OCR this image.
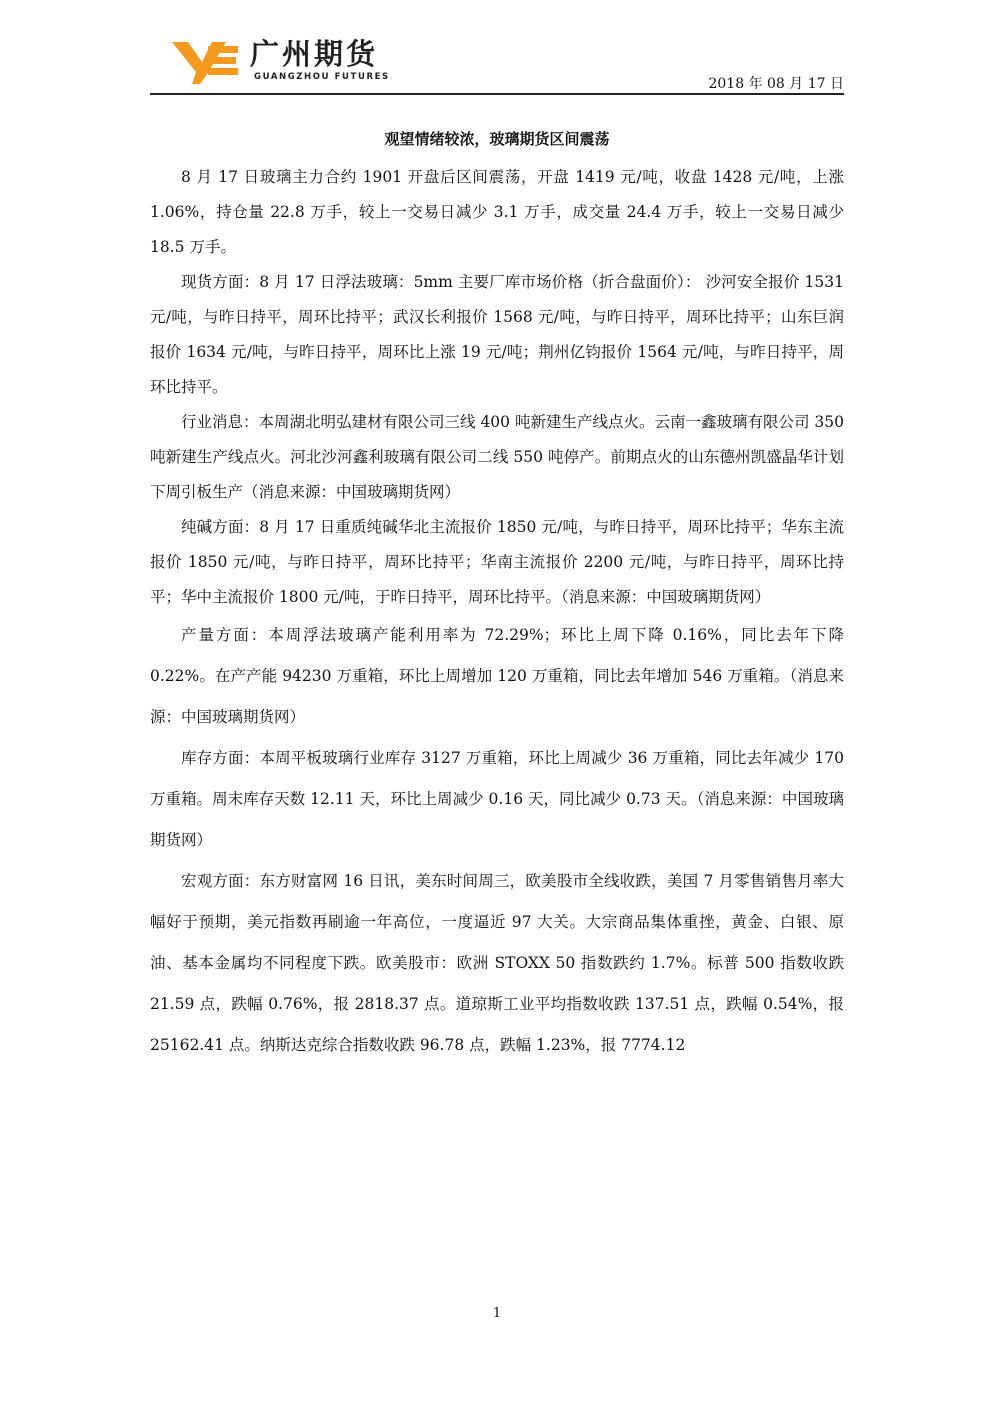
广州期货
GUANGZHOU FUTURES	2018 年 08 月 17 日
观望情绪较浓，玻璃期货区间震荡

8 月 17 日玻璃主力合约 1901 开盘后区间震荡，开盘 1419 元/吨，收盘 1428 元/吨，上涨 1.06%，持仓量 22.8 万手，较上一交易日减少 3.1 万手，成交量 24.4 万手，较上一交易日减少 18.5 万手。

现货方面：8 月 17 日浮法玻璃：5mm 主要厂库市场价格（折合盘面价）： 沙河安全报价 1531 元/吨，与昨日持平，周环比持平；武汉长利报价 1568 元/吨，与昨日持平，周环比持平；山东巨润报价 1634 元/吨，与昨日持平，周环比上涨 19 元/吨；荆州亿钧报价 1564 元/吨，与昨日持平，周环比持平。

行业消息：本周湖北明弘建材有限公司三线 400 吨新建生产线点火。云南一鑫玻璃有限公司 350 吨新建生产线点火。河北沙河鑫利玻璃有限公司二线 550 吨停产。前期点火的山东德州凯盛晶华计划下周引板生产（消息来源：中国玻璃期货网）

纯碱方面：8 月 17 日重质纯碱华北主流报价 1850 元/吨，与昨日持平，周环比持平；华东主流报价 1850 元/吨，与昨日持平，周环比持平；华南主流报价 2200 元/吨，与昨日持平，周环比持平；华中主流报价 1800 元/吨，于昨日持平，周环比持平。（消息来源：中国玻璃期货网）

产量方面：本周浮法玻璃产能利用率为 72.29%；环比上周下降 0.16%，同比去年下降 0.22%。在产产能 94230 万重箱，环比上周增加 120 万重箱，同比去年增加 546 万重箱。（消息来源：中国玻璃期货网）

库存方面：本周平板玻璃行业库存 3127 万重箱，环比上周减少 36 万重箱，同比去年减少 170 万重箱。周末库存天数 12.11 天，环比上周减少 0.16 天，同比减少 0.73 天。（消息来源：中国玻璃期货网）

宏观方面：东方财富网 16 日讯，美东时间周三，欧美股市全线收跌，美国 7 月零售销售月率大幅好于预期，美元指数再刷逾一年高位，一度逼近 97 大关。大宗商品集体重挫，黄金、白银、原油、基本金属均不同程度下跌。欧美股市：欧洲 STOXX 50 指数跌约 1.7%。标普 500 指数收跌 21.59 点，跌幅 0.76%，报 2818.37 点。道琼斯工业平均指数收跌 137.51 点，跌幅 0.54%，报 25162.41 点。纳斯达克综合指数收跌 96.78 点，跌幅 1.23%，报 7774.12

1
